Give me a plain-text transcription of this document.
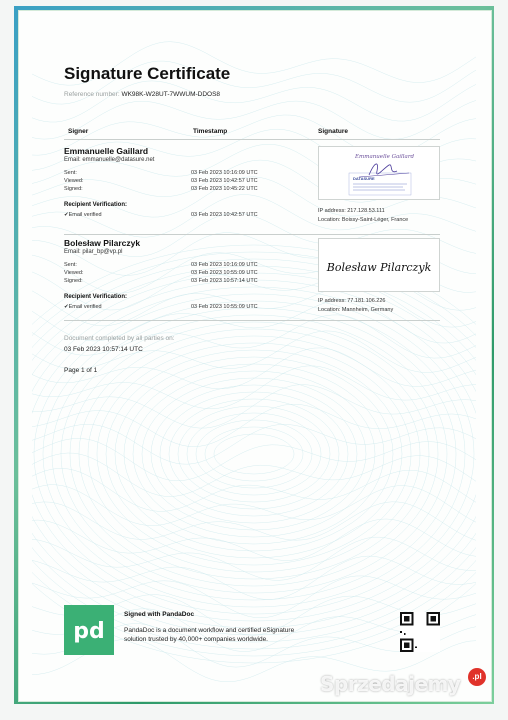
Signature Certificate
Reference number: WK98K-W28UT-7WWUM-DDOS8
Signer	Timestamp	Signature
Emmanuelle Gaillard
Email: emmanuelle@datasure.net
Sent:	03 Feb 2023 10:16:09 UTC
Viewed:	03 Feb 2023 10:42:57 UTC
Signed:	03 Feb 2023 10:45:22 UTC
Recipient Verification:
✔Email verified	03 Feb 2023 10:42:57 UTC
Emmanuelle Gaillard
DATASURE
IP address: 217.128.53.111
Location: Boissy-Saint-Léger, France
Bolesław Pilarczyk
Email: pilar_bp@vp.pl
Sent:	03 Feb 2023 10:16:09 UTC
Viewed:	03 Feb 2023 10:55:09 UTC
Signed:	03 Feb 2023 10:57:14 UTC
Recipient Verification:
✔Email verified	03 Feb 2023 10:55:09 UTC
Bolesław Pilarczyk
IP address: 77.181.106.226
Location: Mannheim, Germany
Document completed by all parties on:
03 Feb 2023 10:57:14 UTC
Page 1 of 1
pd
Signed with PandaDoc
PandaDoc is a document workflow and certified eSignature solution trusted by 40,000+ companies worldwide.
Sprzedajemy	.pl
